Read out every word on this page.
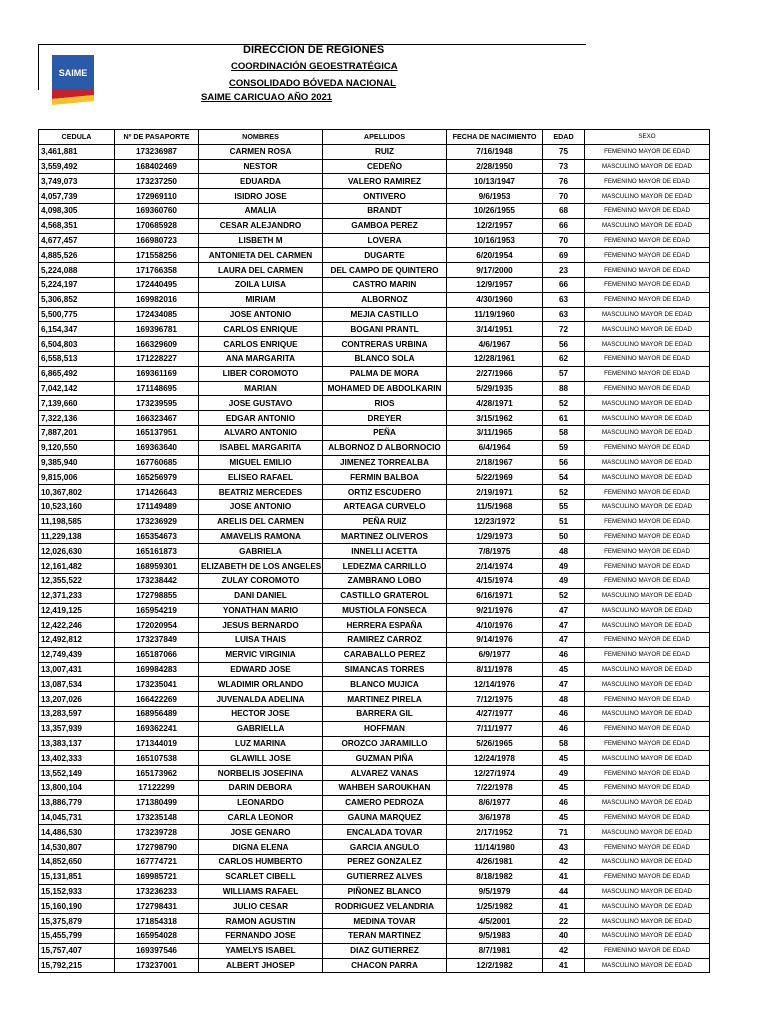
SAIME
DIRECCION DE REGIONES
COORDINACIÓN GEOESTRATÉGICA
CONSOLIDADO BÓVEDA NACIONAL
SAIME CARICUAO AÑO 2021
CEDULA	Nº DE PASAPORTE	NOMBRES	APELLIDOS	FECHA DE NACIMIENTO	EDAD	SEXO
3,461,881	173236987	CARMEN ROSA	RUIZ	7/16/1948	75	FEMENINO MAYOR DE EDAD
3,559,492	168402469	NESTOR	CEDEÑO	2/28/1950	73	MASCULINO MAYOR DE EDAD
3,749,073	173237250	EDUARDA	VALERO RAMIREZ	10/13/1947	76	FEMENINO MAYOR DE EDAD
4,057,739	172969110	ISIDRO JOSE	ONTIVERO	9/6/1953	70	MASCULINO MAYOR DE EDAD
4,098,305	169360760	AMALIA	BRANDT	10/26/1955	68	FEMENINO MAYOR DE EDAD
4,568,351	170685928	CESAR ALEJANDRO	GAMBOA PEREZ	12/2/1957	66	MASCULINO MAYOR DE EDAD
4,677,457	166980723	LISBETH M	LOVERA	10/16/1953	70	FEMENINO MAYOR DE EDAD
4,885,526	171558256	ANTONIETA DEL CARMEN	DUGARTE	6/20/1954	69	FEMENINO MAYOR DE EDAD
5,224,088	171766358	LAURA DEL CARMEN	DEL CAMPO DE QUINTERO	9/17/2000	23	FEMENINO MAYOR DE EDAD
5,224,197	172440495	ZOILA LUISA	CASTRO MARIN	12/9/1957	66	FEMENINO MAYOR DE EDAD
5,306,852	169982016	MIRIAM	ALBORNOZ	4/30/1960	63	FEMENINO MAYOR DE EDAD
5,500,775	172434085	JOSE ANTONIO	MEJIA CASTILLO	11/19/1960	63	MASCULINO MAYOR DE EDAD
6,154,347	169396781	CARLOS ENRIQUE	BOGANI PRANTL	3/14/1951	72	MASCULINO MAYOR DE EDAD
6,504,803	166329609	CARLOS ENRIQUE	CONTRERAS URBINA	4/6/1967	56	MASCULINO MAYOR DE EDAD
6,558,513	171228227	ANA MARGARITA	BLANCO SOLA	12/28/1961	62	FEMENINO MAYOR DE EDAD
6,865,492	169361169	LIBER COROMOTO	PALMA DE MORA	2/27/1966	57	FEMENINO MAYOR DE EDAD
7,042,142	171148695	MARIAN	MOHAMED DE ABDOLKARIN	5/29/1935	88	FEMENINO MAYOR DE EDAD
7,139,660	173239595	JOSE GUSTAVO	RIOS	4/28/1971	52	MASCULINO MAYOR DE EDAD
7,322,136	166323467	EDGAR ANTONIO	DREYER	3/15/1962	61	MASCULINO MAYOR DE EDAD
7,887,201	165137951	ALVARO ANTONIO	PEÑA	3/11/1965	58	MASCULINO MAYOR DE EDAD
9,120,550	169363640	ISABEL MARGARITA	ALBORNOZ D ALBORNOCIO	6/4/1964	59	FEMENINO MAYOR DE EDAD
9,385,940	167760685	MIGUEL EMILIO	JIMENEZ TORREALBA	2/18/1967	56	MASCULINO MAYOR DE EDAD
9,815,006	165256979	ELISEO RAFAEL	FERMIN BALBOA	5/22/1969	54	MASCULINO MAYOR DE EDAD
10,367,802	171426643	BEATRIZ MERCEDES	ORTIZ ESCUDERO	2/19/1971	52	FEMENINO MAYOR DE EDAD
10,523,160	171149489	JOSE ANTONIO	ARTEAGA CURVELO	11/5/1968	55	MASCULINO MAYOR DE EDAD
11,198,585	173236929	ARELIS DEL CARMEN	PEÑA RUIZ	12/23/1972	51	FEMENINO MAYOR DE EDAD
11,229,138	165354673	AMAVELIS RAMONA	MARTINEZ OLIVEROS	1/29/1973	50	FEMENINO MAYOR DE EDAD
12,026,630	165161873	GABRIELA	INNELLI ACETTA	7/8/1975	48	FEMENINO MAYOR DE EDAD
12,161,482	168959301	ELIZABETH DE LOS ANGELES	LEDEZMA CARRILLO	2/14/1974	49	FEMENINO MAYOR DE EDAD
12,355,522	173238442	ZULAY COROMOTO	ZAMBRANO LOBO	4/15/1974	49	FEMENINO MAYOR DE EDAD
12,371,233	172798855	DANI DANIEL	CASTILLO GRATEROL	6/16/1971	52	MASCULINO MAYOR DE EDAD
12,419,125	165954219	YONATHAN MARIO	MUSTIOLA FONSECA	9/21/1976	47	MASCULINO MAYOR DE EDAD
12,422,246	172020954	JESUS BERNARDO	HERRERA ESPAÑA	4/10/1976	47	MASCULINO MAYOR DE EDAD
12,492,812	173237849	LUISA THAIS	RAMIREZ CARROZ	9/14/1976	47	FEMENINO MAYOR DE EDAD
12,749,439	165187066	MERVIC VIRGINIA	CARABALLO PEREZ	6/9/1977	46	FEMENINO MAYOR DE EDAD
13,007,431	169984283	EDWARD JOSE	SIMANCAS TORRES	8/11/1978	45	MASCULINO MAYOR DE EDAD
13,087,534	173235041	WLADIMIR ORLANDO	BLANCO MUJICA	12/14/1976	47	MASCULINO MAYOR DE EDAD
13,207,026	166422269	JUVENALDA ADELINA	MARTINEZ PIRELA	7/12/1975	48	FEMENINO MAYOR DE EDAD
13,283,597	168956489	HECTOR JOSE	BARRERA GIL	4/27/1977	46	MASCULINO MAYOR DE EDAD
13,357,939	169362241	GABRIELLA	HOFFMAN	7/11/1977	46	FEMENINO MAYOR DE EDAD
13,383,137	171344019	LUZ MARINA	OROZCO JARAMILLO	5/26/1965	58	FEMENINO MAYOR DE EDAD
13,402,333	165107538	GLAWILL JOSE	GUZMAN PIÑA	12/24/1978	45	MASCULINO MAYOR DE EDAD
13,552,149	165173962	NORBELIS JOSEFINA	ALVAREZ VANAS	12/27/1974	49	FEMENINO MAYOR DE EDAD
13,800,104	17122299	DARIN DEBORA	WAHBEH SAROUKHAN	7/22/1978	45	FEMENINO MAYOR DE EDAD
13,886,779	171380499	LEONARDO	CAMERO PEDROZA	8/6/1977	46	MASCULINO MAYOR DE EDAD
14,045,731	173235148	CARLA LEONOR	GAUNA MARQUEZ	3/6/1978	45	FEMENINO MAYOR DE EDAD
14,486,530	173239728	JOSE GENARO	ENCALADA TOVAR	2/17/1952	71	MASCULINO MAYOR DE EDAD
14,530,807	172798790	DIGNA ELENA	GARCIA ANGULO	11/14/1980	43	FEMENINO MAYOR DE EDAD
14,852,650	167774721	CARLOS HUMBERTO	PEREZ GONZALEZ	4/26/1981	42	MASCULINO MAYOR DE EDAD
15,131,851	169985721	SCARLET CIBELL	GUTIERREZ ALVES	8/18/1982	41	FEMENINO MAYOR DE EDAD
15,152,933	173236233	WILLIAMS RAFAEL	PIÑONEZ BLANCO	9/5/1979	44	MASCULINO MAYOR DE EDAD
15,160,190	172798431	JULIO CESAR	RODRIGUEZ VELANDRIA	1/25/1982	41	MASCULINO MAYOR DE EDAD
15,375,879	171854318	RAMON AGUSTIN	MEDINA TOVAR	4/5/2001	22	MASCULINO MAYOR DE EDAD
15,455,799	165954028	FERNANDO JOSE	TERAN MARTINEZ	9/5/1983	40	MASCULINO MAYOR DE EDAD
15,757,407	169397546	YAMELYS ISABEL	DIAZ GUTIERREZ	8/7/1981	42	FEMENINO MAYOR DE EDAD
15,792,215	173237001	ALBERT JHOSEP	CHACON PARRA	12/2/1982	41	MASCULINO MAYOR DE EDAD
